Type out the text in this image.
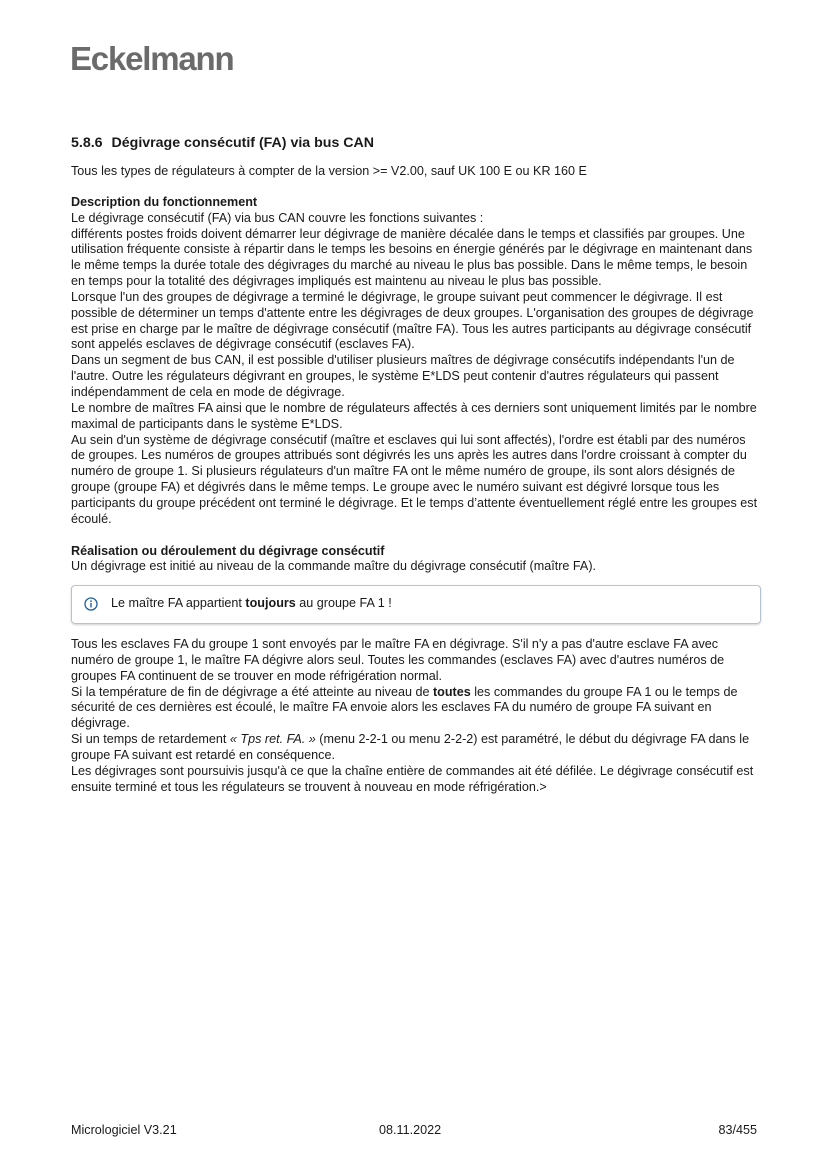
Eckelmann
5.8.6 Dégivrage consécutif (FA) via bus CAN

Tous les types de régulateurs à compter de la version >= V2.00, sauf UK 100 E ou KR 160 E

Description du fonctionnement

Le dégivrage consécutif (FA) via bus CAN couvre les fonctions suivantes :

différents postes froids doivent démarrer leur dégivrage de manière décalée dans le temps et classifiés par groupes. Une utilisation fréquente consiste à répartir dans le temps les besoins en énergie générés par le dégivrage en maintenant dans le même temps la durée totale des dégivrages du marché au niveau le plus bas possible. Dans le même temps, le besoin en temps pour la totalité des dégivrages impliqués est maintenu au niveau le plus bas possible.

Lorsque l'un des groupes de dégivrage a terminé le dégivrage, le groupe suivant peut commencer le dégivrage. Il est possible de déterminer un temps d'attente entre les dégivrages de deux groupes. L'organisation des groupes de dégivrage est prise en charge par le maître de dégivrage consécutif (maître FA). Tous les autres participants au dégivrage consécutif sont appelés esclaves de dégivrage consécutif (esclaves FA).

Dans un segment de bus CAN, il est possible d'utiliser plusieurs maîtres de dégivrage consécutifs indépendants l'un de l'autre. Outre les régulateurs dégivrant en groupes, le système E*LDS peut contenir d'autres régulateurs qui passent indépendamment de cela en mode de dégivrage.

Le nombre de maîtres FA ainsi que le nombre de régulateurs affectés à ces derniers sont uniquement limités par le nombre maximal de participants dans le système E*LDS.

Au sein d'un système de dégivrage consécutif (maître et esclaves qui lui sont affectés), l'ordre est établi par des numéros de groupes. Les numéros de groupes attribués sont dégivrés les uns après les autres dans l'ordre croissant à compter du numéro de groupe 1. Si plusieurs régulateurs d'un maître FA ont le même numéro de groupe, ils sont alors désignés de groupe (groupe FA) et dégivrés dans le même temps. Le groupe avec le numéro suivant est dégivré lorsque tous les participants du groupe précédent ont terminé le dégivrage. Et le temps d’attente éventuellement réglé entre les groupes est écoulé.

Réalisation ou déroulement du dégivrage consécutif

Un dégivrage est initié au niveau de la commande maître du dégivrage consécutif (maître FA).

Le maître FA appartient toujours au groupe FA 1 !

Tous les esclaves FA du groupe 1 sont envoyés par le maître FA en dégivrage. S'il n'y a pas d'autre esclave FA avec numéro de groupe 1, le maître FA dégivre alors seul. Toutes les commandes (esclaves FA) avec d'autres numéros de groupes FA continuent de se trouver en mode réfrigération normal.

Si la température de fin de dégivrage a été atteinte au niveau de toutes les commandes du groupe FA 1 ou le temps de sécurité de ces dernières est écoulé, le maître FA envoie alors les esclaves FA du numéro de groupe FA suivant en dégivrage.

Si un temps de retardement « Tps ret. FA. » (menu 2-2-1 ou menu 2-2-2) est paramétré, le début du dégivrage FA dans le groupe FA suivant est retardé en conséquence.

Les dégivrages sont poursuivis jusqu'à ce que la chaîne entière de commandes ait été défilée. Le dégivrage consécutif est ensuite terminé et tous les régulateurs se trouvent à nouveau en mode réfrigération.>

Micrologiciel V3.21	08.11.2022	83/455
